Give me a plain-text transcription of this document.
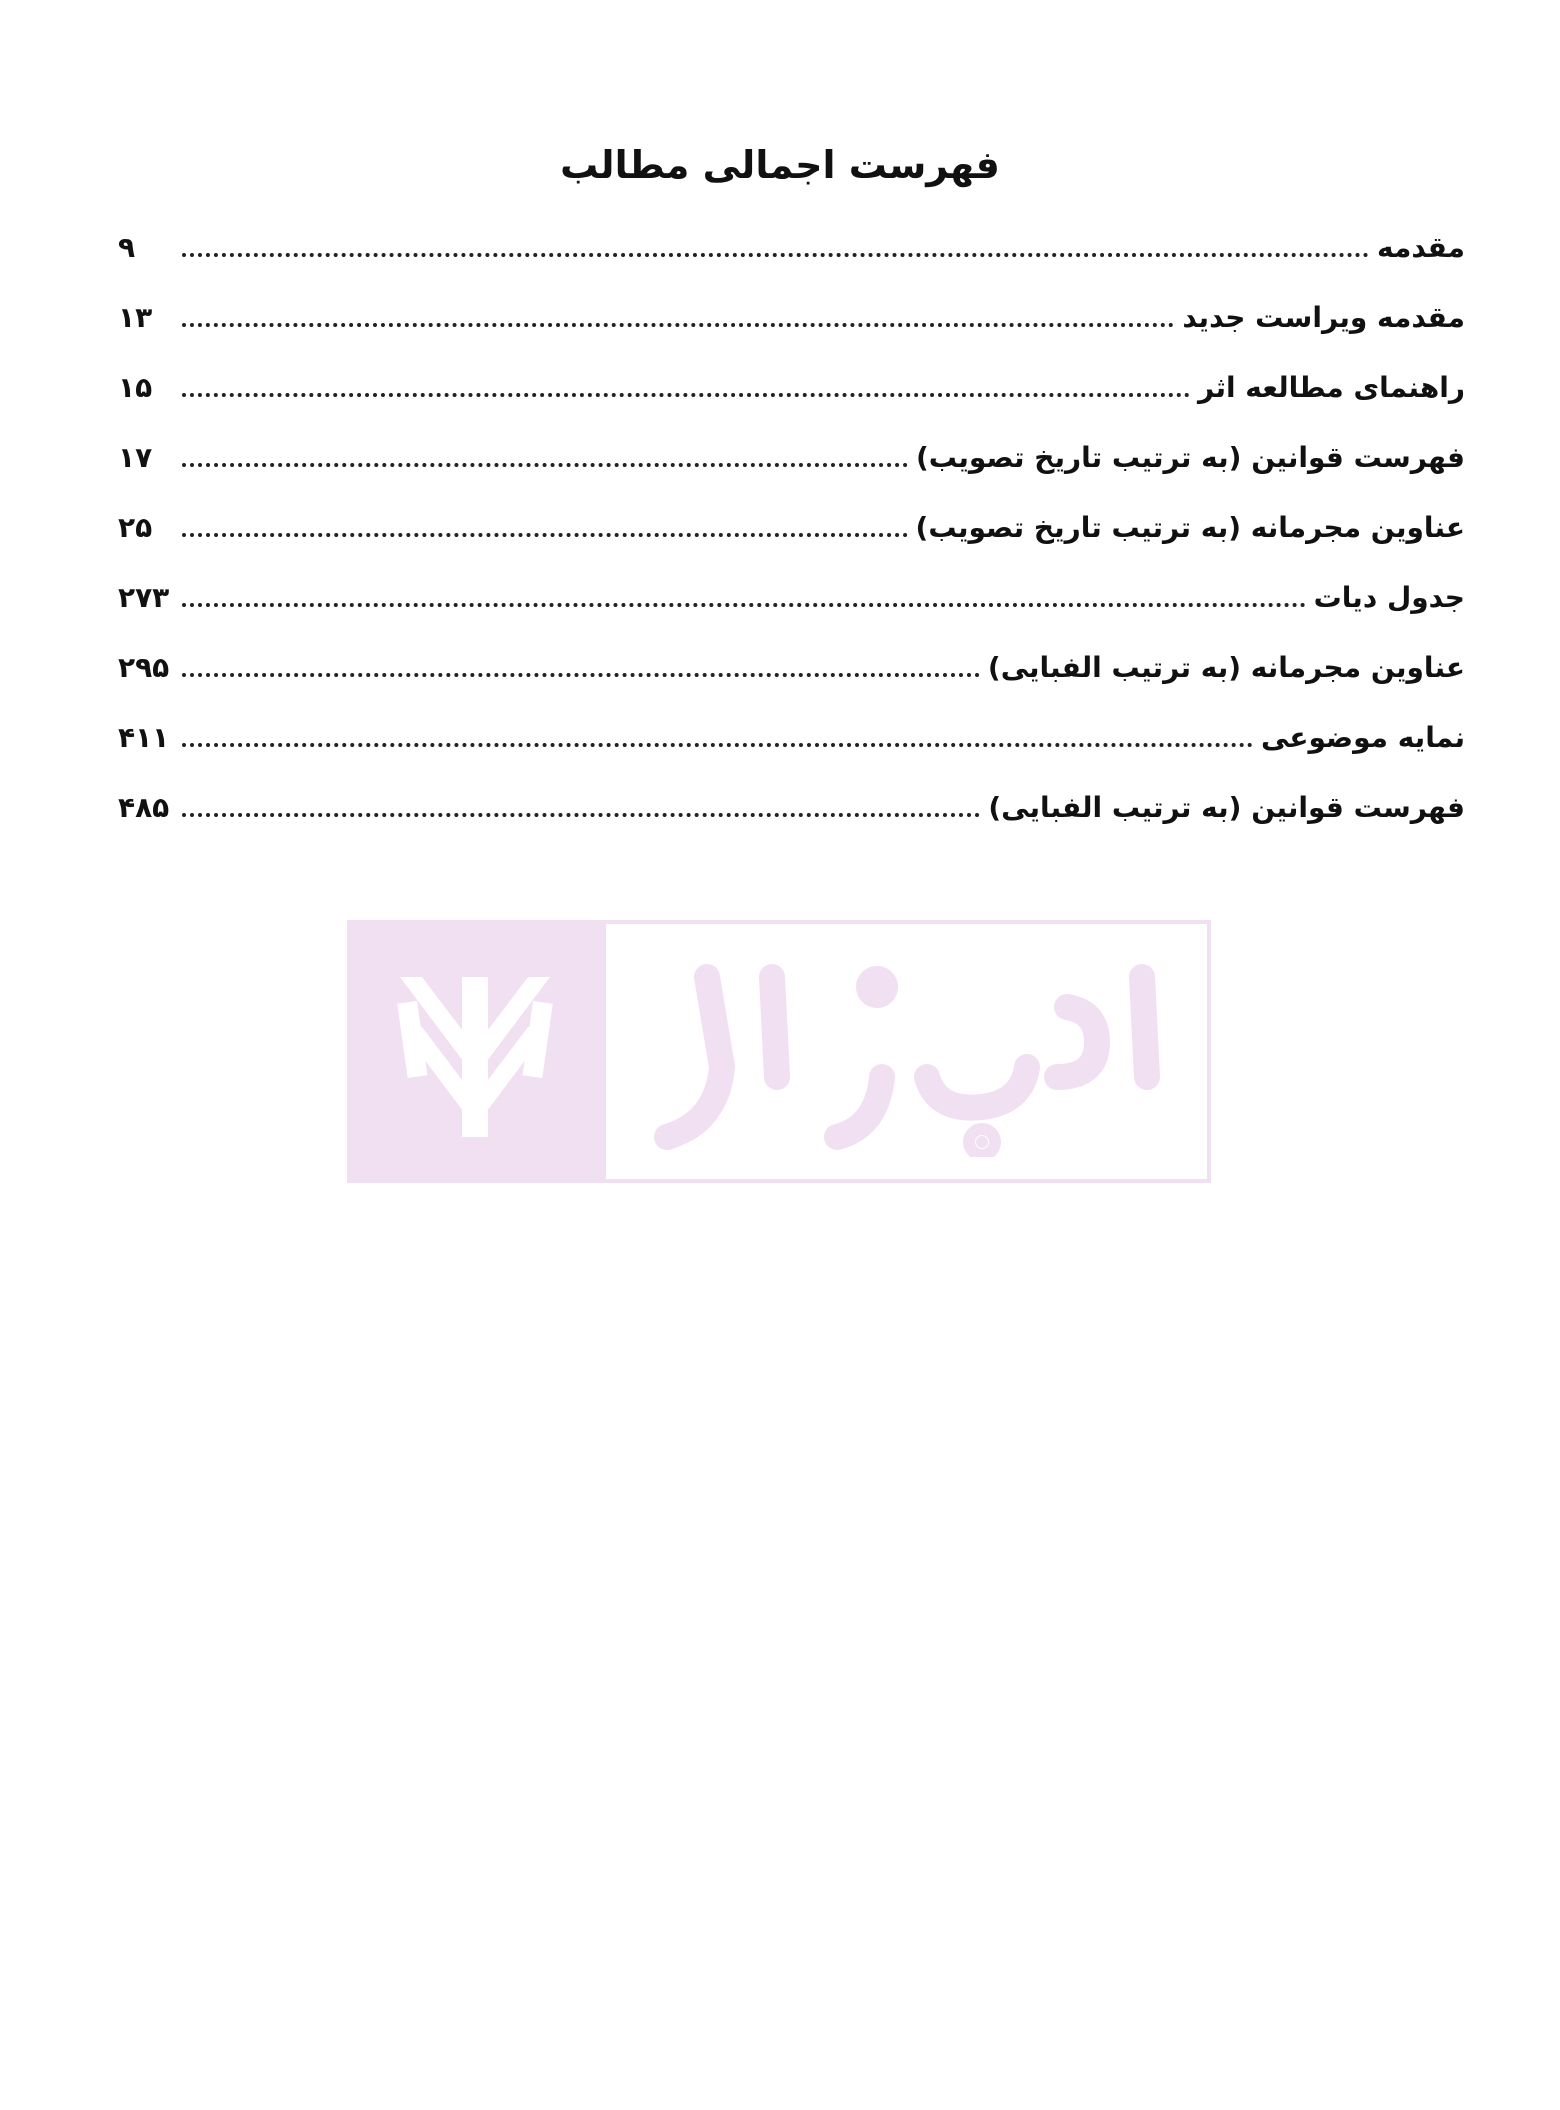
فهرست اجمالی مطالب
مقدمه
۹
مقدمه ویراست جدید
۱۳
راهنمای مطالعه اثر
۱۵
فهرست قوانین (به ترتیب تاریخ تصویب)
۱۷
عناوین مجرمانه (به ترتیب تاریخ تصویب)
۲۵
جدول دیات
۲۷۳
عناوین مجرمانه (به ترتیب الفبایی)
۲۹۵
نمایه موضوعی
۴۱۱
فهرست قوانین (به ترتیب الفبایی)
۴۸۵
